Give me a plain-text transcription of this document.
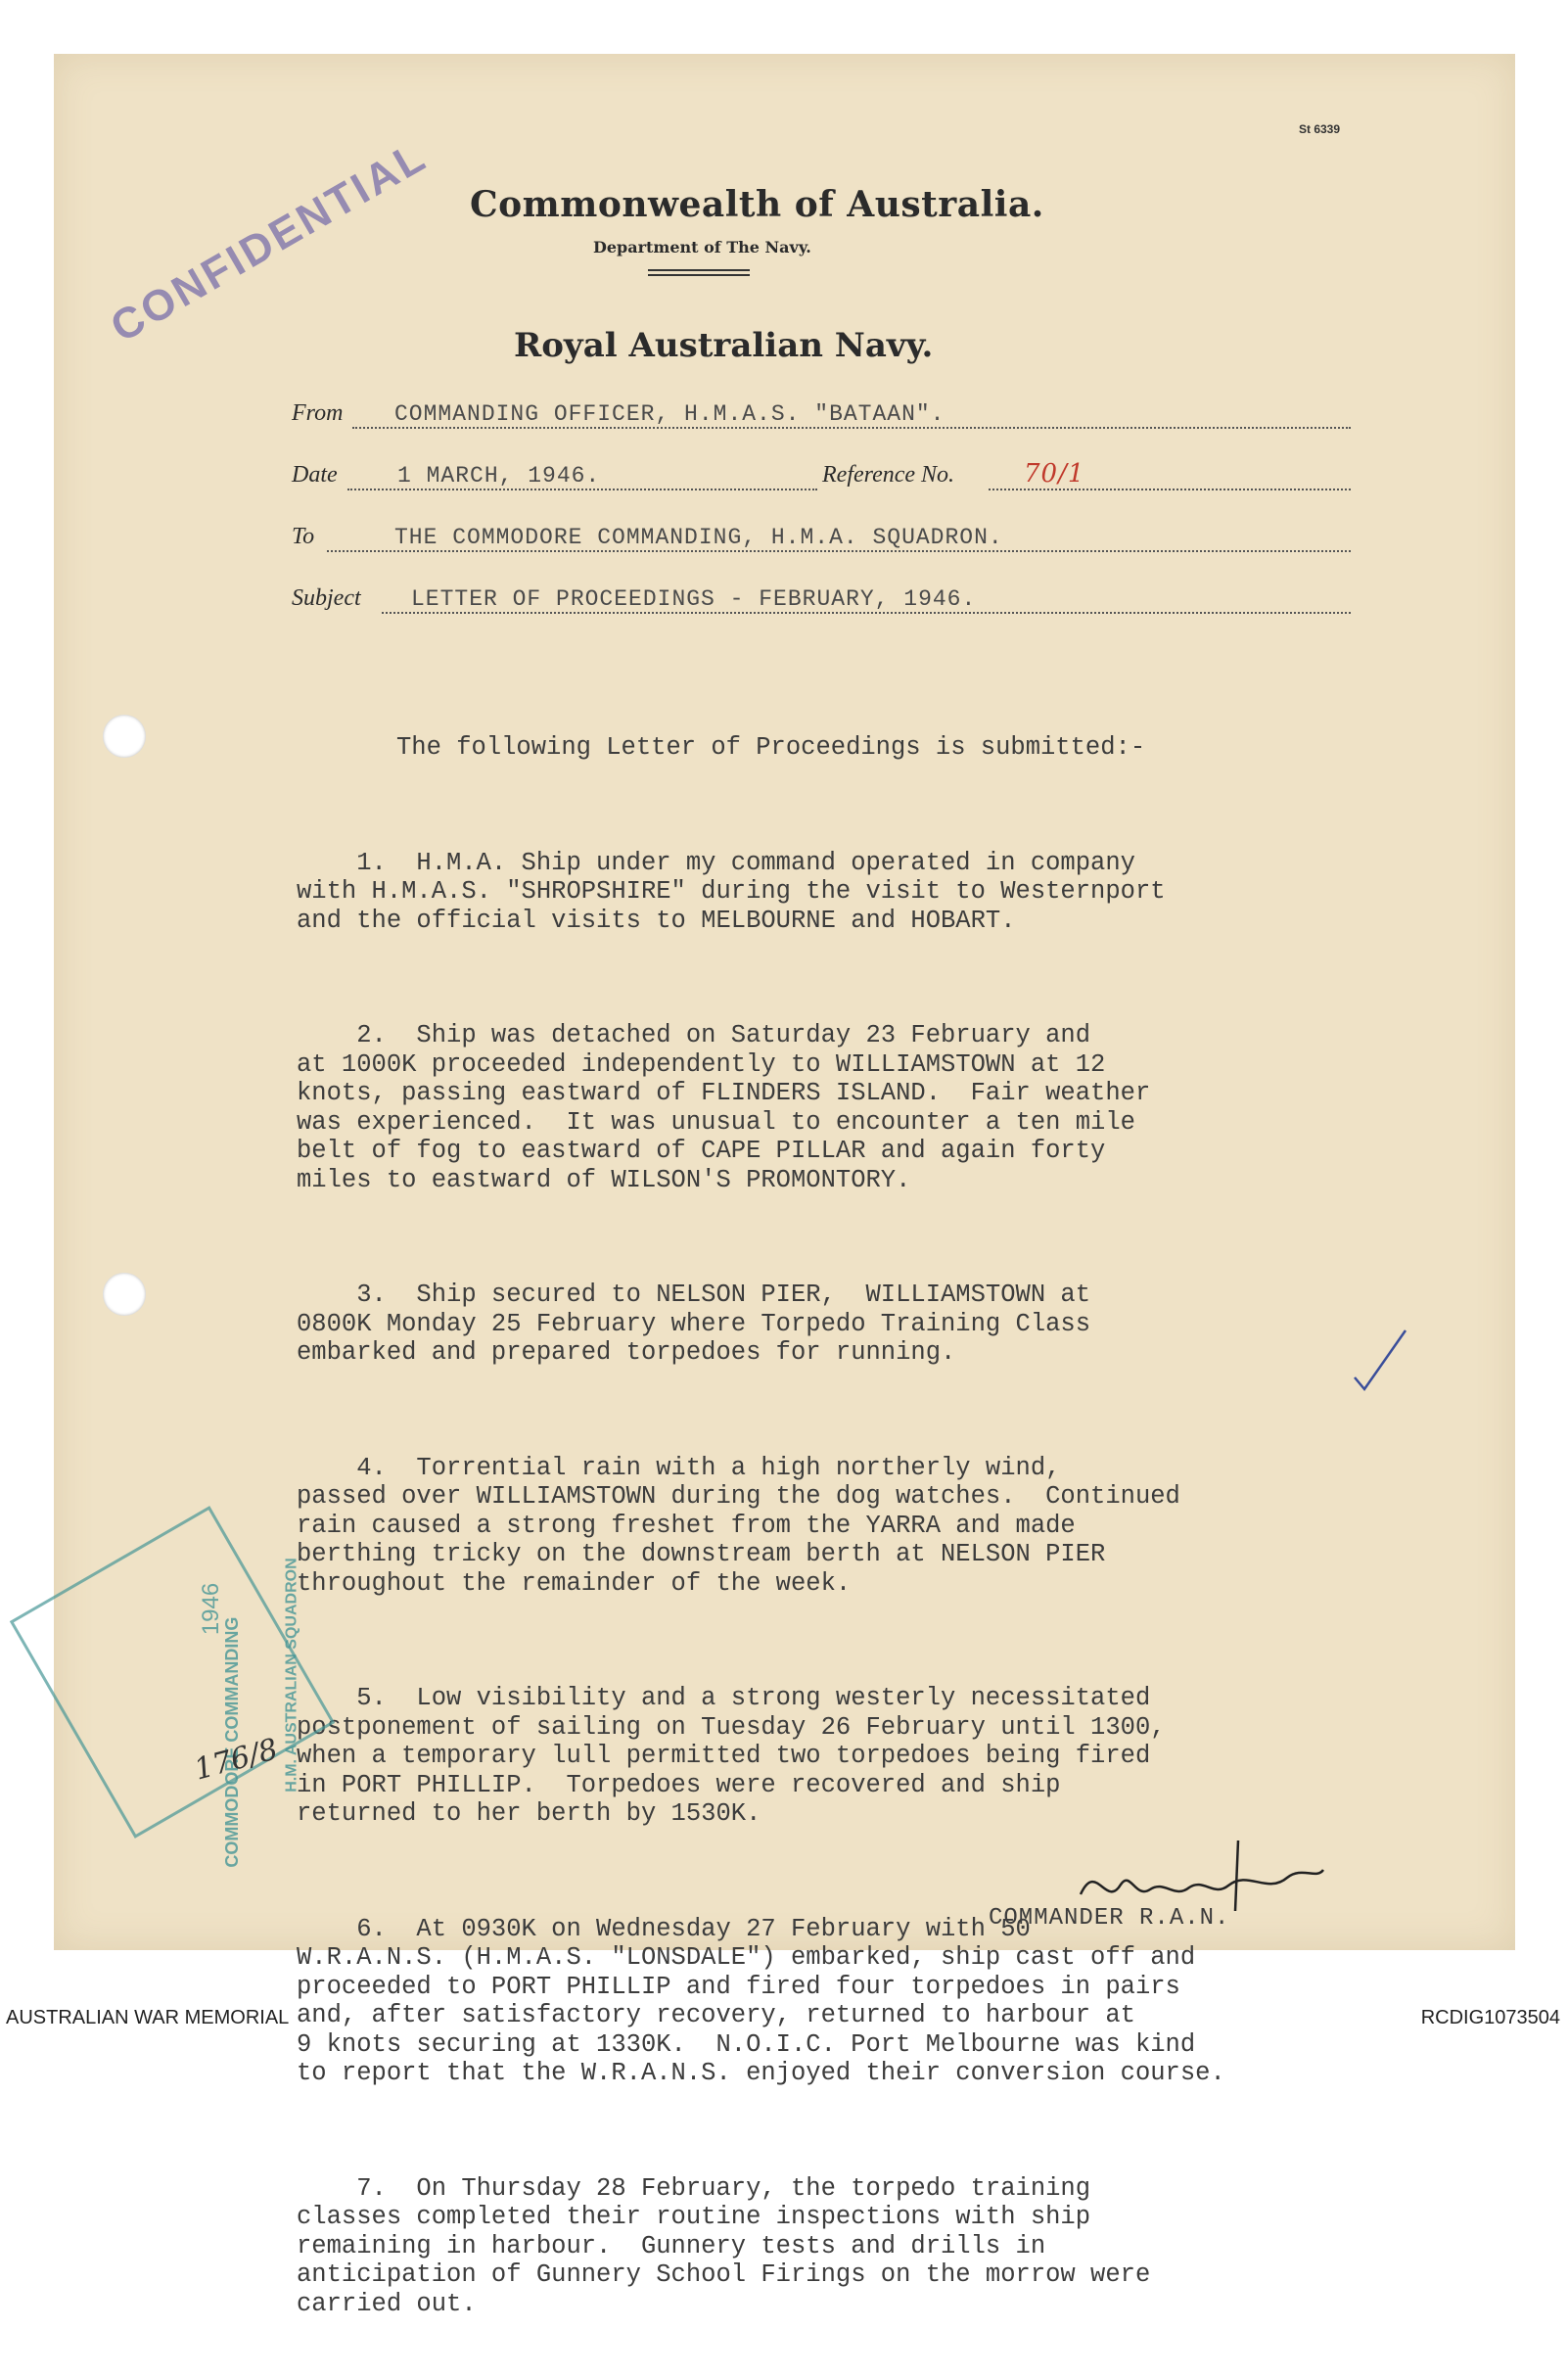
St 6339
Commonwealth of Australia.
Department of The Navy.
Royal Australian Navy.
CONFIDENTIAL
From COMMANDING OFFICER, H.M.A.S. "BATAAN".
Date	1 MARCH, 1946.	Reference No.	70/1
To	THE COMMODORE COMMANDING, H.M.A. SQUADRON.
Subject LETTER OF PROCEEDINGS - FEBRUARY, 1946.

The following Letter of Proceedings is submitted:-

1.  H.M.A. Ship under my command operated in company
with H.M.A.S. "SHROPSHIRE" during the visit to Westernport
and the official visits to MELBOURNE and HOBART.

2.  Ship was detached on Saturday 23 February and
at 1000K proceeded independently to WILLIAMSTOWN at 12
knots, passing eastward of FLINDERS ISLAND.  Fair weather
was experienced.  It was unusual to encounter a ten mile
belt of fog to eastward of CAPE PILLAR and again forty
miles to eastward of WILSON'S PROMONTORY.

3.  Ship secured to NELSON PIER,  WILLIAMSTOWN at
0800K Monday 25 February where Torpedo Training Class
embarked and prepared torpedoes for running.

4.  Torrential rain with a high northerly wind,
passed over WILLIAMSTOWN during the dog watches.  Continued
rain caused a strong freshet from the YARRA and made
berthing tricky on the downstream berth at NELSON PIER
throughout the remainder of the week.

5.  Low visibility and a strong westerly necessitated
postponement of sailing on Tuesday 26 February until 1300,
when a temporary lull permitted two torpedoes being fired
in PORT PHILLIP.  Torpedoes were recovered and ship
returned to her berth by 1530K.

6.  At 0930K on Wednesday 27 February with 50
W.R.A.N.S. (H.M.A.S. "LONSDALE") embarked, ship cast off and
proceeded to PORT PHILLIP and fired four torpedoes in pairs
and, after satisfactory recovery, returned to harbour at
9 knots securing at 1330K.  N.O.I.C. Port Melbourne was kind
to report that the W.R.A.N.S. enjoyed their conversion course.

7.  On Thursday 28 February, the torpedo training
classes completed their routine inspections with ship
remaining in harbour.  Gunnery tests and drills in
anticipation of Gunnery School Firings on the morrow were
carried out.

COMMODORE COMMANDING
1946	H.M. AUSTRALIAN SQUADRON
176/8
COMMANDER R.A.N.
AUSTRALIAN WAR MEMORIAL	RCDIG1073504
